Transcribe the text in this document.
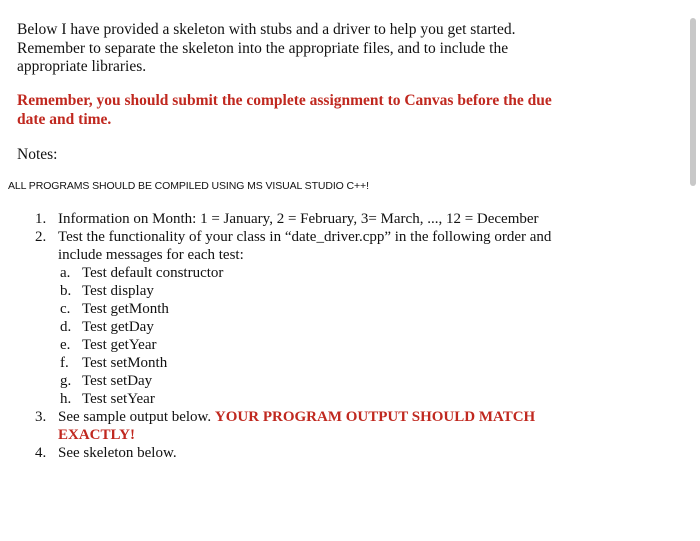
Below I have provided a skeleton with stubs and a driver to help you get started.
Remember to separate the skeleton into the appropriate files, and to include the
appropriate libraries.
Remember, you should submit the complete assignment to Canvas before the due
date and time.
Notes:
ALL PROGRAMS SHOULD BE COMPILED USING MS VISUAL STUDIO C++!
1. Information on Month: 1 = January, 2 = February, 3= March, ..., 12 = December
2. Test the functionality of your class in “date_driver.cpp” in the following order and
include messages for each test:
a. Test default constructor
b. Test display
c. Test getMonth
d. Test getDay
e. Test getYear
f. Test setMonth
g. Test setDay
h. Test setYear
3. See sample output below. YOUR PROGRAM OUTPUT SHOULD MATCH
EXACTLY!
4. See skeleton below.
